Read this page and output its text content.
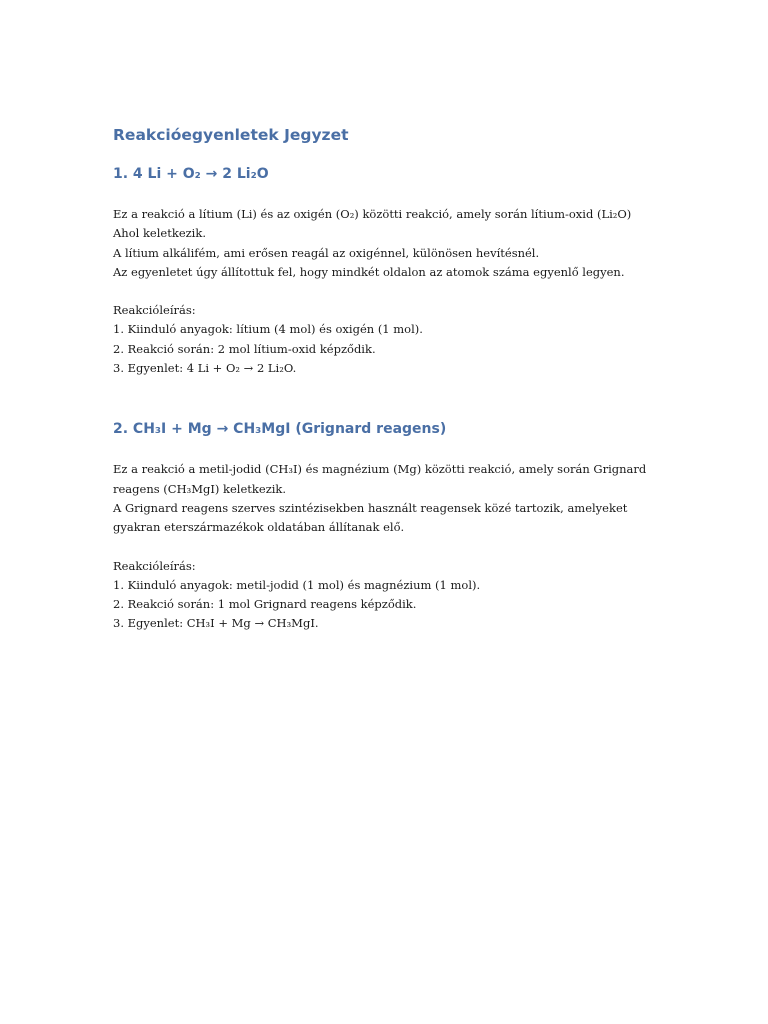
Reakcióegyenletek Jegyzet
1. 4 Li + O₂ → 2 Li₂O
Ez a reakció a lítium (Li) és az oxigén (O₂) közötti reakció, amely során lítium-oxid (Li₂O)
Ahol keletkezik.
A lítium alkálifém, ami erősen reagál az oxigénnel, különösen hevítésnél.
Az egyenletet úgy állítottuk fel, hogy mindkét oldalon az atomok száma egyenlő legyen.
Reakcióleírás:
1. Kiinduló anyagok: lítium (4 mol) és oxigén (1 mol).
2. Reakció során: 2 mol lítium-oxid képződik.
3. Egyenlet: 4 Li + O₂ → 2 Li₂O.
2. CH₃I + Mg → CH₃MgI (Grignard reagens)
Ez a reakció a metil-jodid (CH₃I) és magnézium (Mg) közötti reakció, amely során Grignard
reagens (CH₃MgI) keletkezik.
A Grignard reagens szerves szintézisekben használt reagensek közé tartozik, amelyeket
gyakran eterszármazékok oldatában állítanak elő.
Reakcióleírás:
1. Kiinduló anyagok: metil-jodid (1 mol) és magnézium (1 mol).
2. Reakció során: 1 mol Grignard reagens képződik.
3. Egyenlet: CH₃I + Mg → CH₃MgI.
